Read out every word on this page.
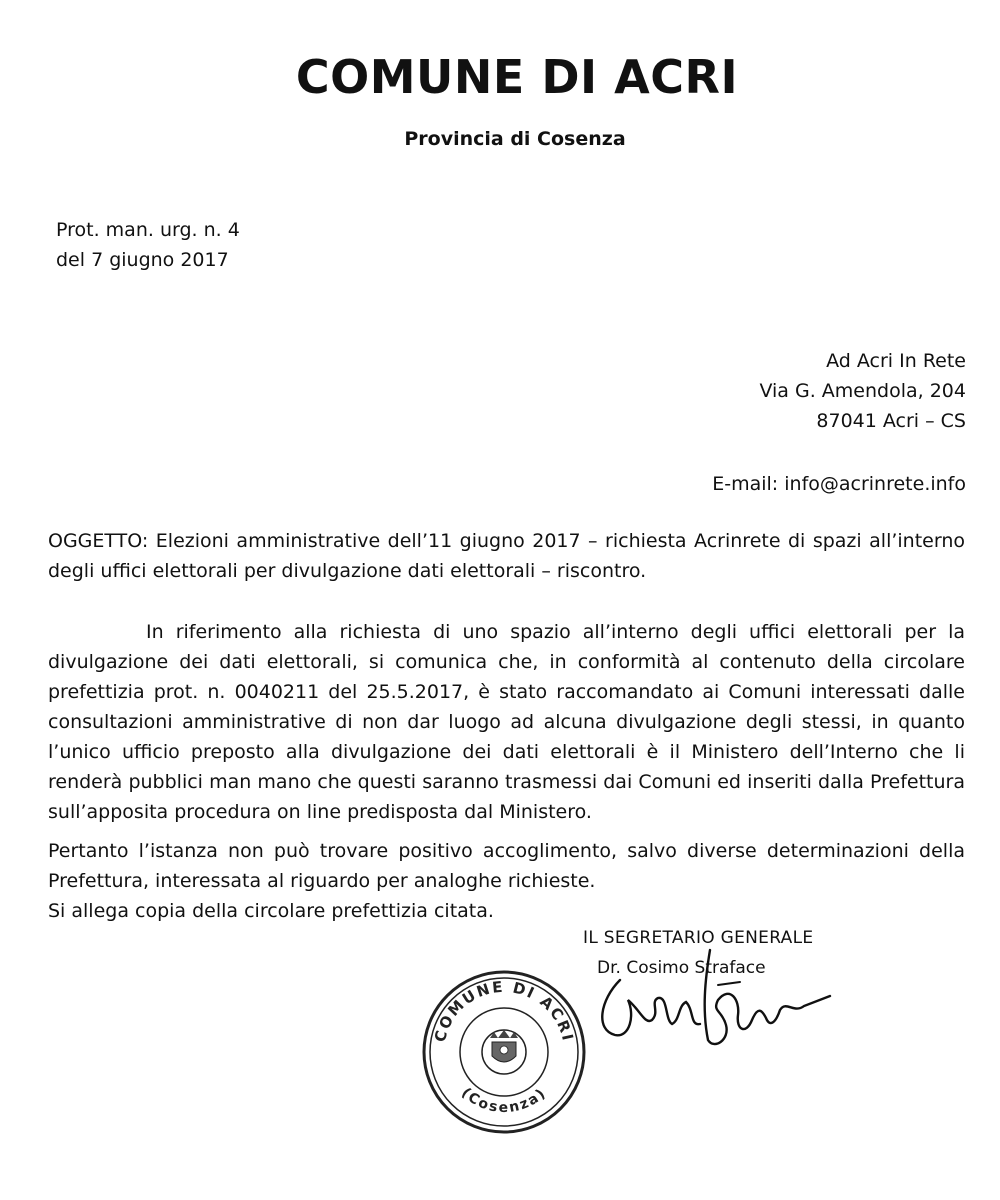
COMUNE DI ACRI
Provincia di Cosenza
Prot. man. urg. n. 4
del 7 giugno 2017
Ad Acri In Rete
Via G. Amendola, 204
87041 Acri – CS
E-mail: info@acrinrete.info
OGGETTO: Elezioni amministrative dell’11 giugno 2017 – richiesta Acrinrete di spazi all’interno degli uffici elettorali per divulgazione dati elettorali – riscontro.
In riferimento alla richiesta di uno spazio all’interno degli uffici elettorali per la divulgazione dei dati elettorali, si comunica che, in conformità al contenuto della circolare prefettizia prot. n. 0040211 del 25.5.2017, è stato raccomandato ai Comuni interessati dalle consultazioni amministrative di non dar luogo ad alcuna divulgazione degli stessi, in quanto l’unico ufficio preposto alla divulgazione dei dati elettorali è il Ministero dell’Interno che li renderà pubblici man mano che questi saranno trasmessi dai Comuni ed inseriti dalla Prefettura sull’apposita procedura on line predisposta dal Ministero.
Pertanto l’istanza non può trovare positivo accoglimento, salvo diverse determinazioni della Prefettura, interessata al riguardo per analoghe richieste.
Si allega copia della circolare prefettizia citata.
COMUNE DI ACRI
(Cosenza)
IL SEGRETARIO GENERALE
Dr. Cosimo Straface
